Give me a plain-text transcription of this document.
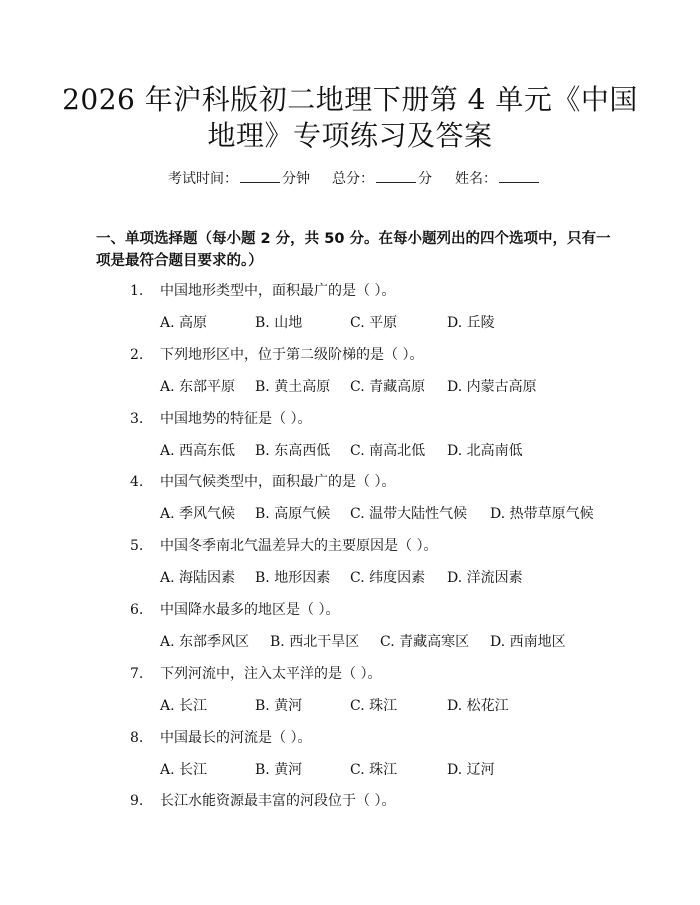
2026 年沪科版初二地理下册第 4 单元《中国
地理》专项练习及答案
考试时间：	分钟 总分：	分 姓名：
一、单项选择题（每小题 2 分，共 50 分。在每小题列出的四个选项中，只有一项是最符合题目要求的。）
1.	中国地形类型中，面积最广的是（ ）。
A. 高原	B. 山地	C. 平原	D. 丘陵
2.	下列地形区中，位于第二级阶梯的是（ ）。
A. 东部平原 B. 黄土高原 C. 青藏高原 D. 内蒙古高原
3.	中国地势的特征是（ ）。
A. 西高东低 B. 东高西低 C. 南高北低 D. 北高南低
4.	中国气候类型中，面积最广的是（ ）。
A. 季风气候 B. 高原气候 C. 温带大陆性气候 D. 热带草原气候
5.	中国冬季南北气温差异大的主要原因是（ ）。
A. 海陆因素 B. 地形因素 C. 纬度因素 D. 洋流因素
6.	中国降水最多的地区是（ ）。
A. 东部季风区 B. 西北干旱区 C. 青藏高寒区 D. 西南地区
7.	下列河流中，注入太平洋的是（ ）。
A. 长江	B. 黄河	C. 珠江	D. 松花江
8.	中国最长的河流是（ ）。
A. 长江	B. 黄河	C. 珠江	D. 辽河
9.	长江水能资源最丰富的河段位于（ ）。
